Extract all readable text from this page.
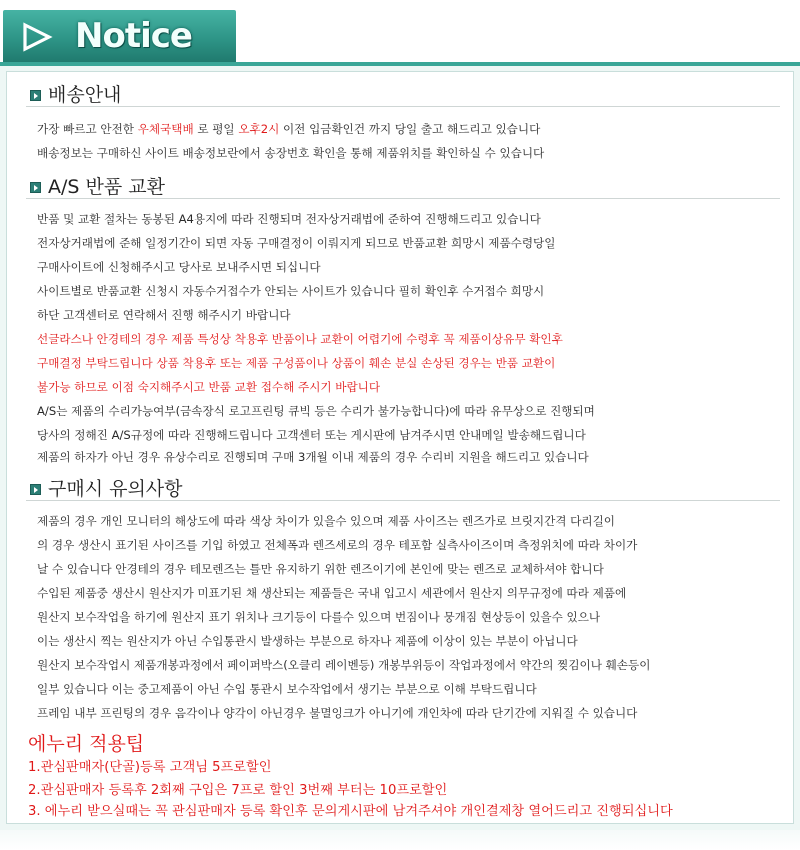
Notice
배송안내
가장 빠르고 안전한 우체국택배 로 평일 오후2시 이전 입금확인건 까지 당일 출고 해드리고 있습니다
배송정보는 구매하신 사이트 배송정보란에서 송장번호 확인을 통해 제품위치를 확인하실 수 있습니다
A/S 반품 교환
반품 및 교환 절차는 동봉된 A4용지에 따라 진행되며 전자상거래법에 준하여 진행해드리고 있습니다
전자상거래법에 준해 일정기간이 되면 자동 구매결정이 이뤄지게 되므로 반품교환 희망시 제품수령당일
구매사이트에 신청해주시고 당사로 보내주시면 되십니다
사이트별로 반품교환 신청시 자동수거접수가 안되는 사이트가 있습니다 필히 확인후 수거접수 희망시
하단 고객센터로 연락해서 진행 해주시기 바랍니다
선글라스나 안경테의 경우 제품 특성상 착용후 반품이나 교환이 어렵기에 수령후 꼭 제품이상유무 확인후
구매결정 부탁드립니다 상품 착용후 또는 제품 구성품이나 상품이 훼손 분실 손상된 경우는 반품 교환이
불가능 하므로 이점 숙지해주시고 반품 교환 접수해 주시기 바랍니다
A/S는 제품의 수리가능여부(금속장식 로고프린팅 큐빅 등은 수리가 불가능합니다)에 따라 유무상으로 진행되며
당사의 정해진 A/S규정에 따라 진행해드립니다 고객센터 또는 게시판에 남겨주시면 안내메일 발송해드립니다
제품의 하자가 아닌 경우 유상수리로 진행되며 구매 3개월 이내 제품의 경우 수리비 지원을 해드리고 있습니다
구매시 유의사항
제품의 경우 개인 모니터의 해상도에 따라 색상 차이가 있을수 있으며 제품 사이즈는 렌즈가로 브릿지간격 다리길이
의 경우 생산시 표기된 사이즈를 기입 하였고 전체폭과 렌즈세로의 경우 테포함 실측사이즈이며 측정위치에 따라 차이가
날 수 있습니다 안경테의 경우 테모렌즈는 틀만 유지하기 위한 렌즈이기에 본인에 맞는 렌즈로 교체하셔야 합니다
수입된 제품중 생산시 원산지가 미표기된 채 생산되는 제품들은 국내 입고시 세관에서 원산지 의무규정에 따라 제품에
원산지 보수작업을 하기에 원산지 표기 위치나 크기등이 다를수 있으며 번짐이나 뭉개짐 현상등이 있을수 있으나
이는 생산시 찍는 원산지가 아닌 수입통관시 발생하는 부분으로 하자나 제품에 이상이 있는 부분이 아닙니다
원산지 보수작업시 제품개봉과정에서 페이퍼박스(오클리 레이벤등) 개봉부위등이 작업과정에서 약간의 찢김이나 훼손등이
일부 있습니다 이는 중고제품이 아닌 수입 통관시 보수작업에서 생기는 부분으로 이해 부탁드립니다
프레임 내부 프린팅의 경우 음각이나 양각이 아닌경우 불멸잉크가 아니기에 개인차에 따라 단기간에 지워질 수 있습니다
에누리 적용팁
1.관심판매자(단골)등록 고객님 5프로할인
2.관심판매자 등록후 2회째 구입은 7프로 할인 3번째 부터는 10프로할인
3. 에누리 받으실때는 꼭 관심판매자 등록 확인후 문의게시판에 남겨주셔야 개인결제창 열어드리고 진행되십니다
